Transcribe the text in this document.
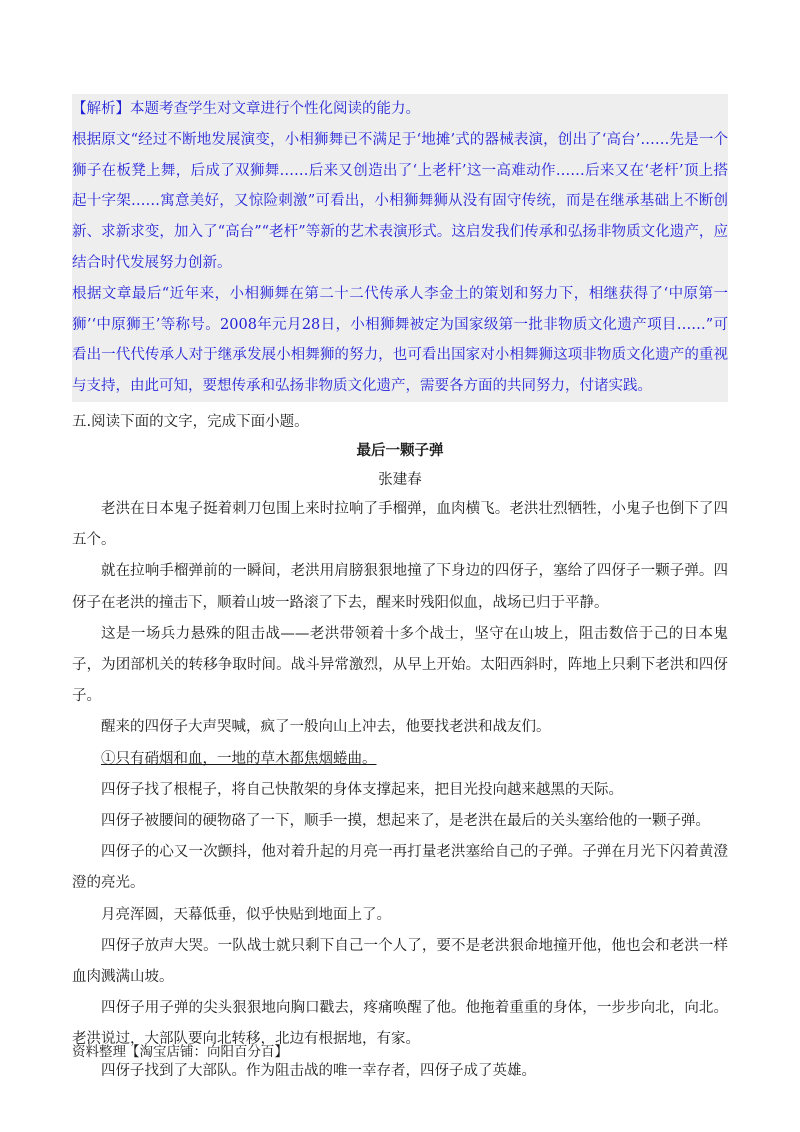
【解析】本题考查学生对文章进行个性化阅读的能力。

根据原文“经过不断地发展演变，小相狮舞已不满足于‘地摊’式的器械表演，创出了‘高台’……先是一个狮子在板凳上舞，后成了双狮舞……后来又创造出了‘上老杆’这一高难动作……后来又在‘老杆’顶上搭起十字架……寓意美好，又惊险刺激”可看出，小相狮舞狮从没有固守传统，而是在继承基础上不断创新、求新求变，加入了“高台”“老杆”等新的艺术表演形式。这启发我们传承和弘扬非物质文化遗产，应结合时代发展努力创新。

根据文章最后“近年来，小相狮舞在第二十二代传承人李金土的策划和努力下，相继获得了‘中原第一狮’‘中原狮王’等称号。2008年元月28日，小相狮舞被定为国家级第一批非物质文化遗产项目……”可看出一代代传承人对于继承发展小相舞狮的努力，也可看出国家对小相舞狮这项非物质文化遗产的重视与支持，由此可知，要想传承和弘扬非物质文化遗产，需要各方面的共同努力，付诸实践。

五.阅读下面的文字，完成下面小题。
最后一颗子弹
张建春

老洪在日本鬼子挺着刺刀包围上来时拉响了手榴弹，血肉横飞。老洪壮烈牺牲，小鬼子也倒下了四五个。

就在拉响手榴弹前的一瞬间，老洪用肩膀狠狠地撞了下身边的四伢子，塞给了四伢子一颗子弹。四伢子在老洪的撞击下，顺着山坡一路滚了下去，醒来时残阳似血，战场已归于平静。

这是一场兵力悬殊的阻击战——老洪带领着十多个战士，坚守在山坡上，阻击数倍于己的日本鬼子，为团部机关的转移争取时间。战斗异常激烈，从早上开始。太阳西斜时，阵地上只剩下老洪和四伢子。

醒来的四伢子大声哭喊，疯了一般向山上冲去，他要找老洪和战友们。

①只有硝烟和血，一地的草木都焦烟蜷曲。

四伢子找了根棍子，将自己快散架的身体支撑起来，把目光投向越来越黑的天际。

四伢子被腰间的硬物硌了一下，顺手一摸，想起来了，是老洪在最后的关头塞给他的一颗子弹。

四伢子的心又一次颤抖，他对着升起的月亮一再打量老洪塞给自己的子弹。子弹在月光下闪着黄澄澄的亮光。

月亮浑圆，天幕低垂，似乎快贴到地面上了。

四伢子放声大哭。一队战士就只剩下自己一个人了，要不是老洪狠命地撞开他，他也会和老洪一样血肉溅满山坡。

四伢子用子弹的尖头狠狠地向胸口戳去，疼痛唤醒了他。他拖着重重的身体，一步步向北，向北。老洪说过，大部队要向北转移，北边有根据地，有家。

四伢子找到了大部队。作为阻击战的唯一幸存者，四伢子成了英雄。

资料整理【淘宝店铺：向阳百分百】
